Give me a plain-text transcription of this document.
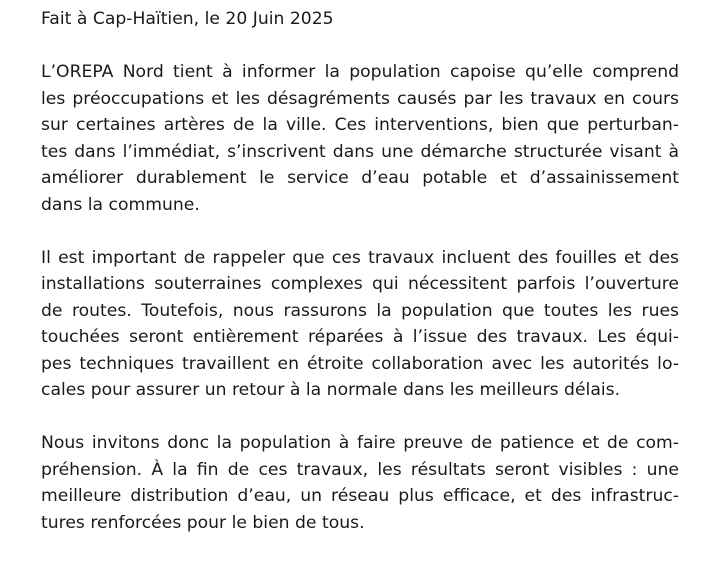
Fait à Cap-Haïtien, le 20 Juin 2025
L’OREPA Nord tient à informer la population capoise qu’elle comprend
les préoccupations et les désagréments causés par les travaux en cours
sur certaines artères de la ville. Ces interventions, bien que perturban-
tes dans l’immédiat, s’inscrivent dans une démarche structurée visant à
améliorer durablement le service d’eau potable et d’assainissement
dans la commune.
Il est important de rappeler que ces travaux incluent des fouilles et des
installations souterraines complexes qui nécessitent parfois l’ouverture
de routes. Toutefois, nous rassurons la population que toutes les rues
touchées seront entièrement réparées à l’issue des travaux. Les équi-
pes techniques travaillent en étroite collaboration avec les autorités lo-
cales pour assurer un retour à la normale dans les meilleurs délais.
Nous invitons donc la population à faire preuve de patience et de com-
préhension. À la fin de ces travaux, les résultats seront visibles : une
meilleure distribution d’eau, un réseau plus efficace, et des infrastruc-
tures renforcées pour le bien de tous.
